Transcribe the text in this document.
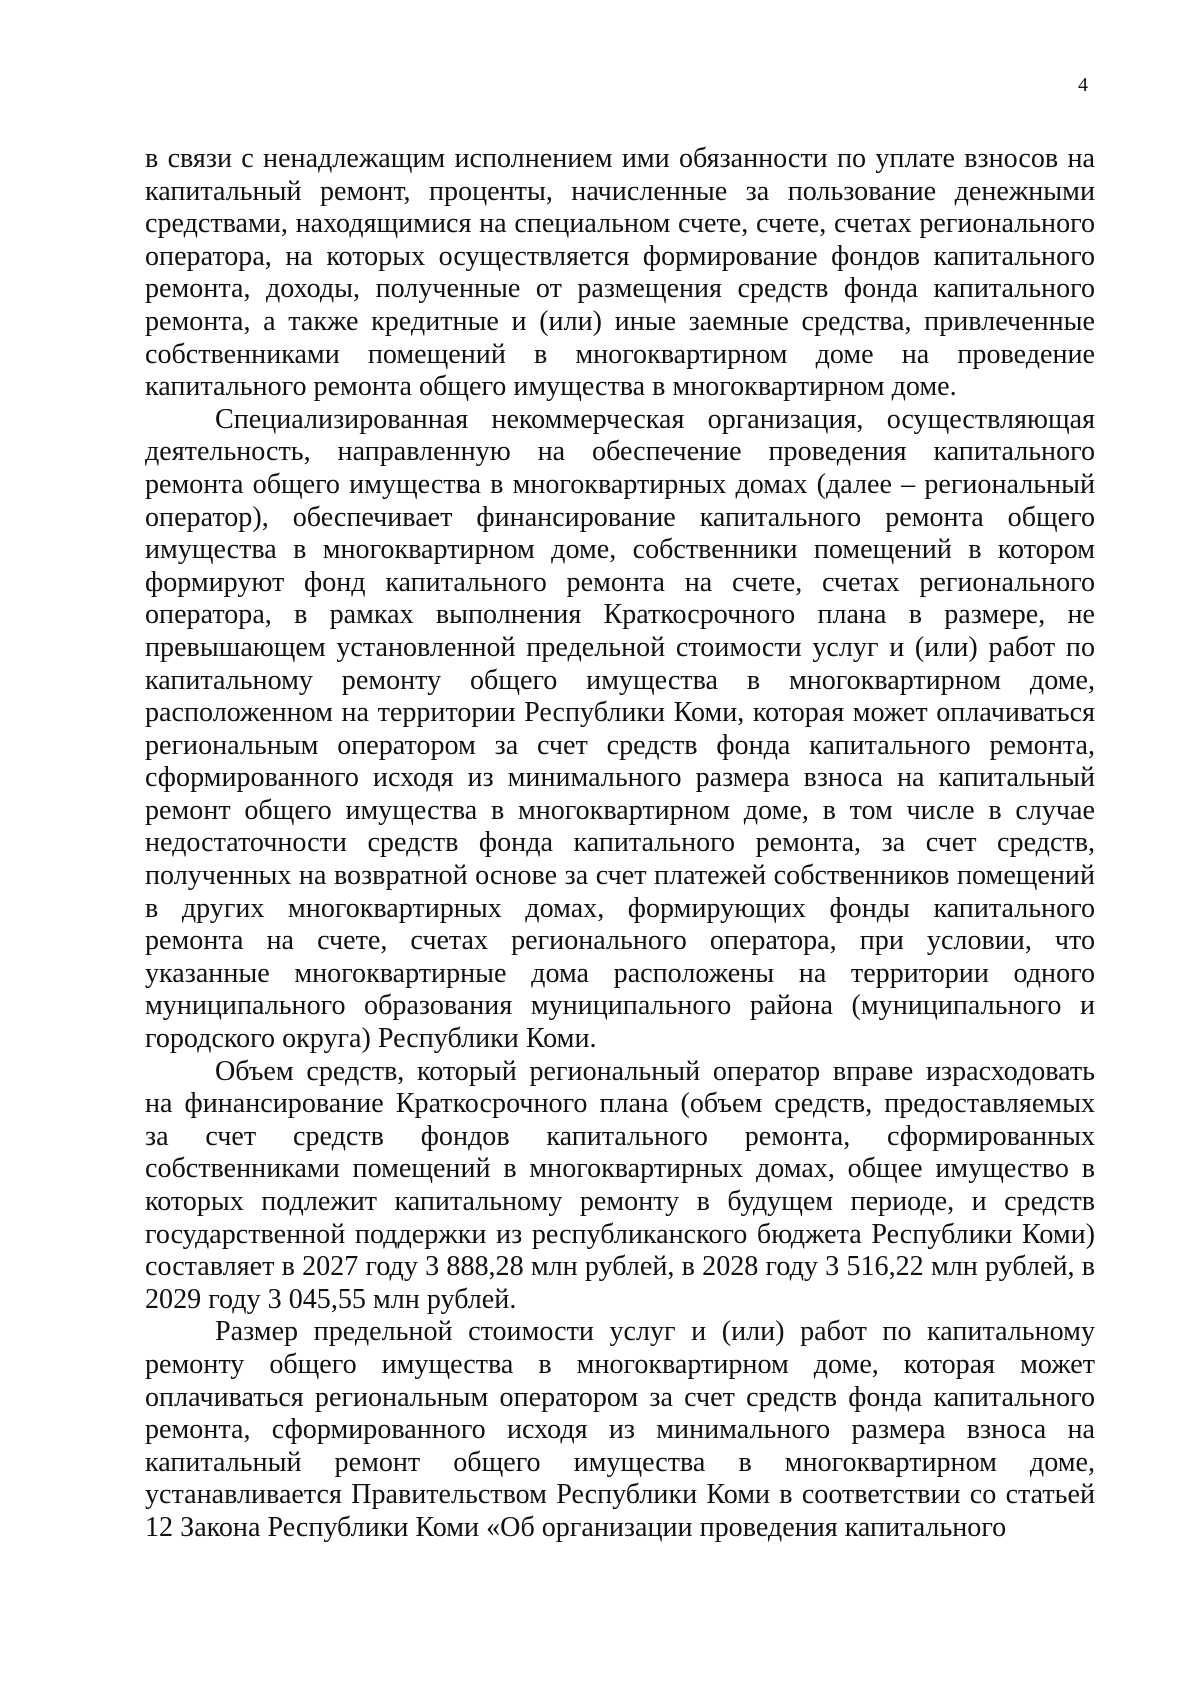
4

в связи с ненадлежащим исполнением ими обязанности по уплате взносов на капитальный ремонт, проценты, начисленные за пользование денежными средствами, находящимися на специальном счете, счете, счетах регионального оператора, на которых осуществляется формирование фондов капитального ремонта, доходы, полученные от размещения средств фонда капитального ремонта, а также кредитные и (или) иные заемные средства, привлеченные собственниками помещений в многоквартирном доме на проведение капитального ремонта общего имущества в многоквартирном доме.

Специализированная некоммерческая организация, осуществляющая деятельность, направленную на обеспечение проведения капитального ремонта общего имущества в многоквартирных домах (далее – региональный оператор), обеспечивает финансирование капитального ремонта общего имущества в многоквартирном доме, собственники помещений в котором формируют фонд капитального ремонта на счете, счетах регионального оператора, в рамках выполнения Краткосрочного плана в размере, не превышающем установленной предельной стоимости услуг и (или) работ по капитальному ремонту общего имущества в многоквартирном доме, расположенном на территории Республики Коми, которая может оплачиваться региональным оператором за счет средств фонда капитального ремонта, сформированного исходя из минимального размера взноса на капитальный ремонт общего имущества в многоквартирном доме, в том числе в случае недостаточности средств фонда капитального ремонта, за счет средств, полученных на возвратной основе за счет платежей собственников помещений в других многоквартирных домах, формирующих фонды капитального ремонта на счете, счетах регионального оператора, при условии, что указанные многоквартирные дома расположены на территории одного муниципального образования муниципального района (муниципального и городского округа) Республики Коми.

Объем средств, который региональный оператор вправе израсходовать на финансирование Краткосрочного плана (объем средств, предоставляемых за счет средств фондов капитального ремонта, сформированных собственниками помещений в многоквартирных домах, общее имущество в которых подлежит капитальному ремонту в будущем периоде, и средств государственной поддержки из республиканского бюджета Республики Коми) составляет в 2027 году 3 888,28 млн рублей, в 2028 году 3 516,22 млн рублей, в 2029 году 3 045,55 млн рублей.

Размер предельной стоимости услуг и (или) работ по капитальному ремонту общего имущества в многоквартирном доме, которая может оплачиваться региональным оператором за счет средств фонда капитального ремонта, сформированного исходя из минимального размера взноса на капитальный ремонт общего имущества в многоквартирном доме, устанавливается Правительством Республики Коми в соответствии со статьей 12 Закона Республики Коми «Об организации проведения капитального
